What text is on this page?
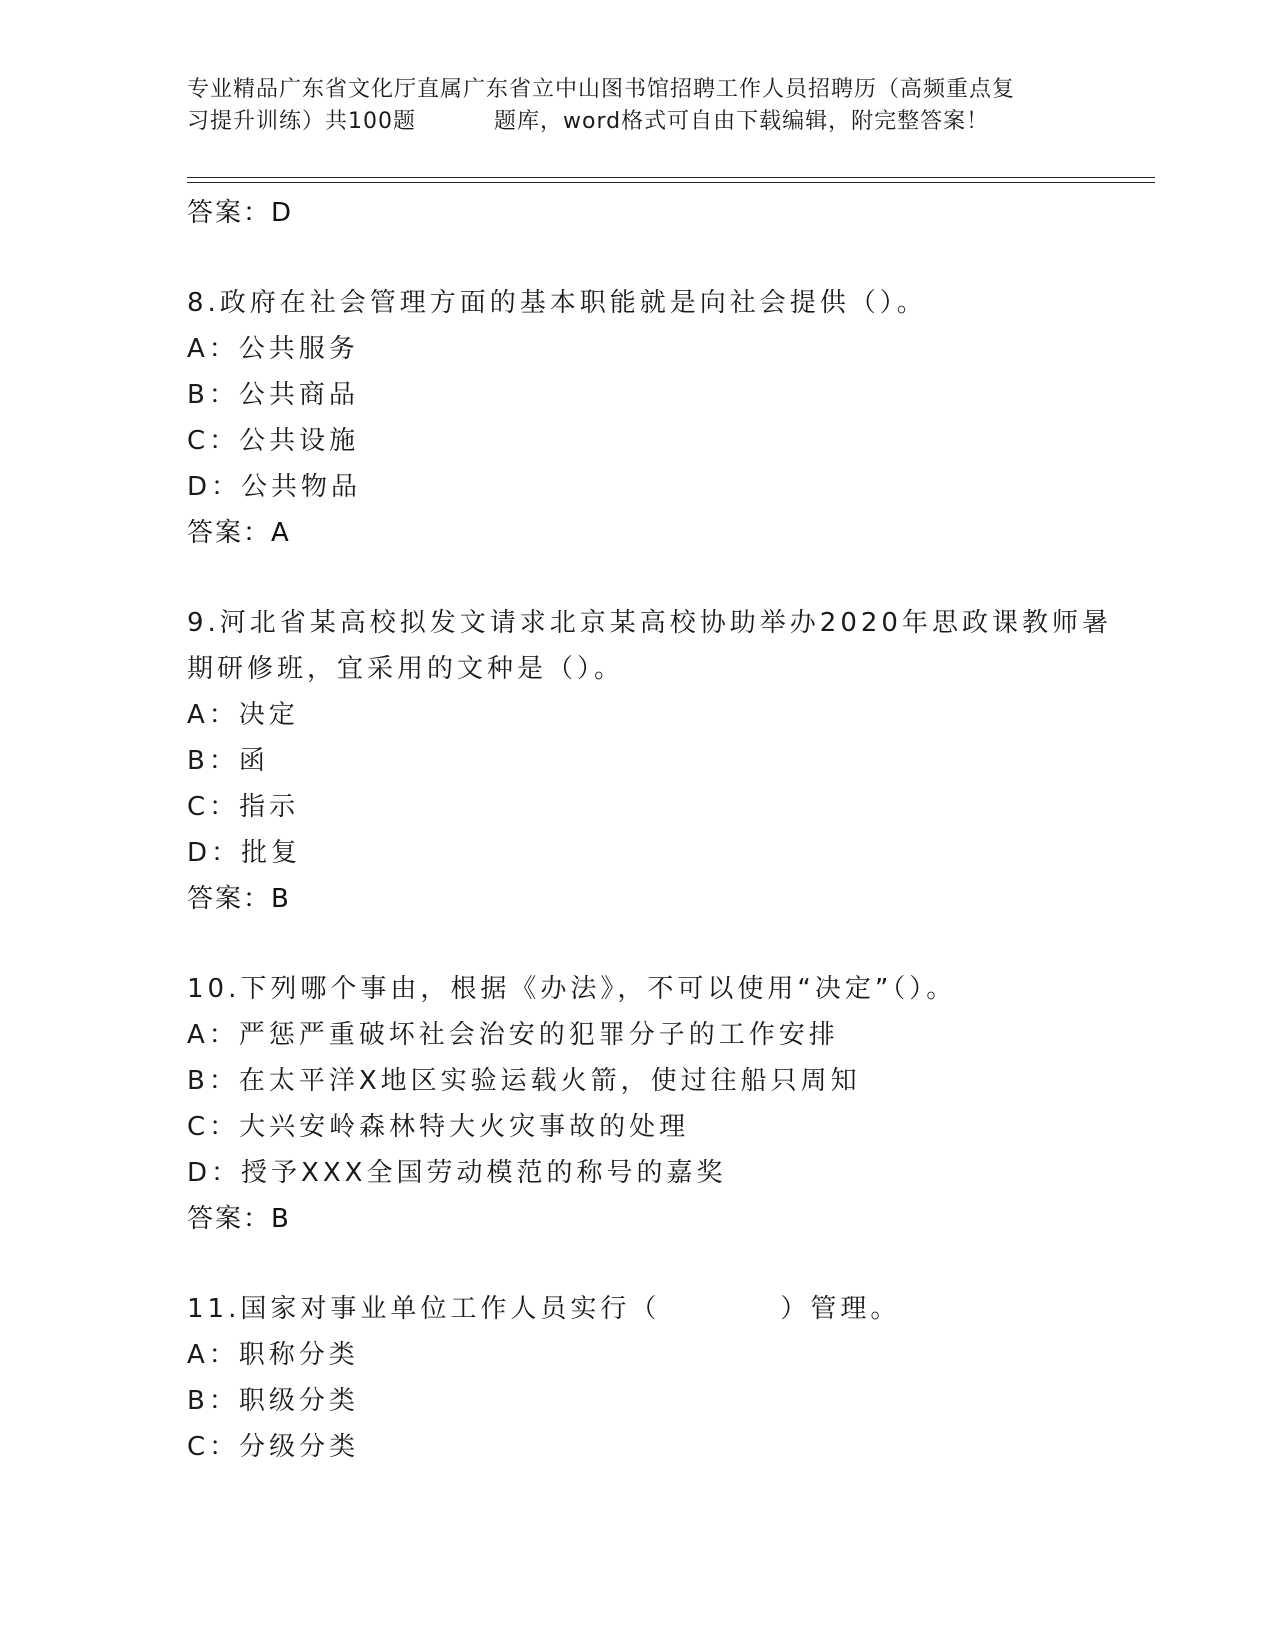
专业精品广东省文化厅直属广东省立中山图书馆招聘工作人员招聘历（高频重点复
习提升训练）共100题	题库，word格式可自由下载编辑，附完整答案！
答案：D
8.政府在社会管理方面的基本职能就是向社会提供（）。
A：公共服务
B：公共商品
C：公共设施
D：公共物品
答案：A
9.河北省某高校拟发文请求北京某高校协助举办2020年思政课教师暑
期研修班，宜采用的文种是（）。
A：决定
B：函
C：指示
D：批复
答案：B
10.下列哪个事由，根据《办法》，不可以使用“决定”（）。
A：严惩严重破坏社会治安的犯罪分子的工作安排
B：在太平洋X地区实验运载火箭，使过往船只周知
C：大兴安岭森林特大火灾事故的处理
D：授予XXX全国劳动模范的称号的嘉奖
答案：B
11.国家对事业单位工作人员实行（　　　　）管理。
A：职称分类
B：职级分类
C：分级分类
